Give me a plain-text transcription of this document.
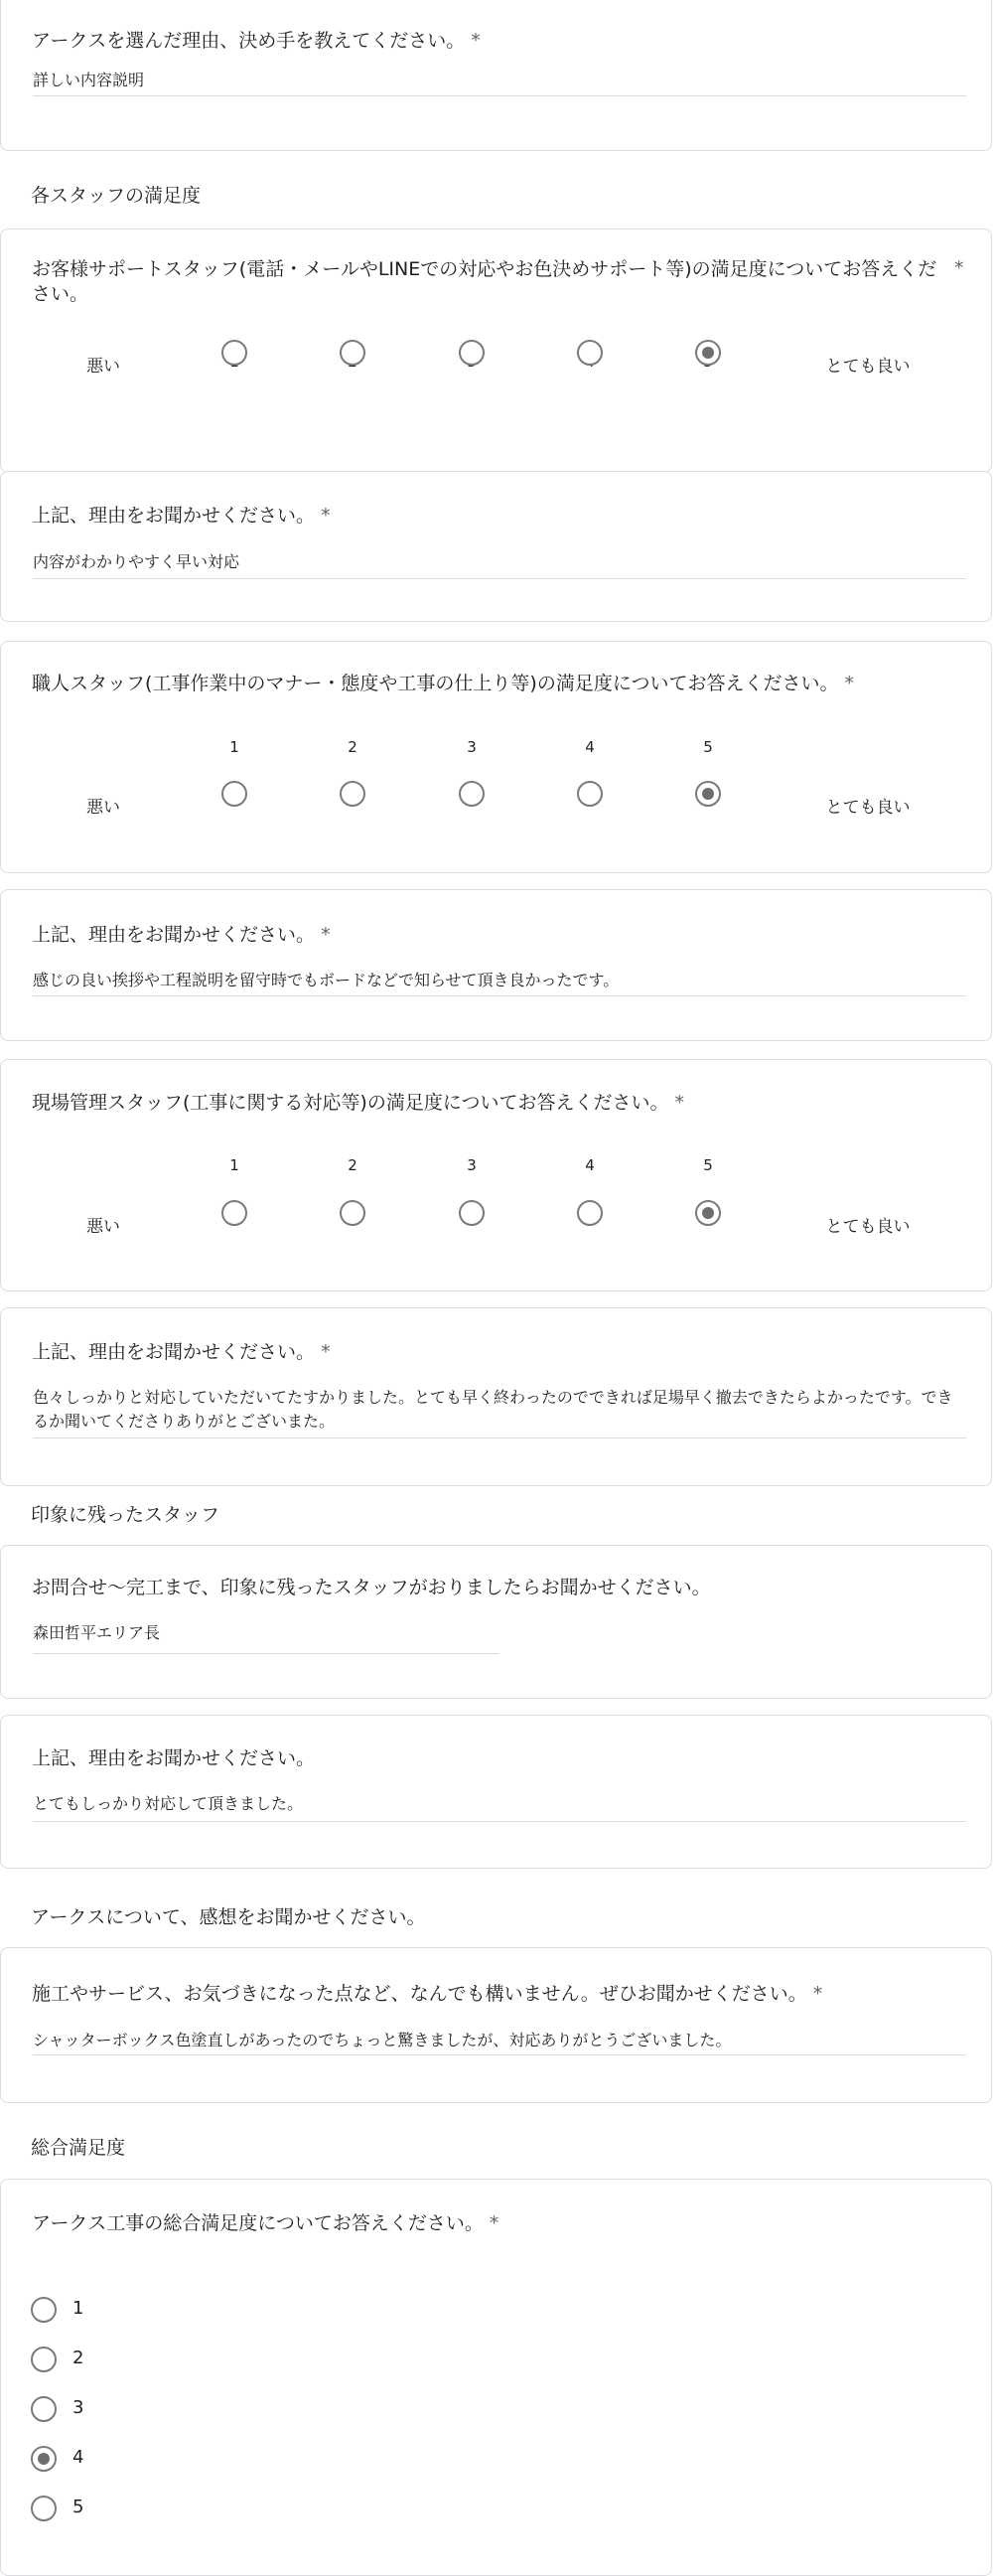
アークスを選んだ理由、決め手を教えてください。 *
詳しい内容説明
各スタッフの満足度
お客様サポートスタッフ(電話・メールやLINEでの対応やお色決めサポート等)の満足度についてお答えください。
*
悪い	とても良い
上記、理由をお聞かせください。 *
内容がわかりやすく早い対応
職人スタッフ(工事作業中のマナー・態度や工事の仕上り等)の満足度についてお答えください。 *
1	2	3	4	5
悪い	とても良い
上記、理由をお聞かせください。 *
感じの良い挨拶や工程説明を留守時でもボードなどで知らせて頂き良かったです。
現場管理スタッフ(工事に関する対応等)の満足度についてお答えください。 *
1	2	3	4	5
悪い	とても良い
上記、理由をお聞かせください。 *
色々しっかりと対応していただいてたすかりました。とても早く終わったのでできれば足場早く撤去できたらよかったです。できるか聞いてくださりありがとございまた。
印象に残ったスタッフ
お問合せ～完工まで、印象に残ったスタッフがおりましたらお聞かせください。
森田哲平エリア長
上記、理由をお聞かせください。
とてもしっかり対応して頂きました。
アークスについて、感想をお聞かせください。
施工やサービス、お気づきになった点など、なんでも構いません。ぜひお聞かせください。 *
シャッターボックス色塗直しがあったのでちょっと驚きましたが、対応ありがとうございました。
総合満足度
アークス工事の総合満足度についてお答えください。 *
1
2
3
4
5
